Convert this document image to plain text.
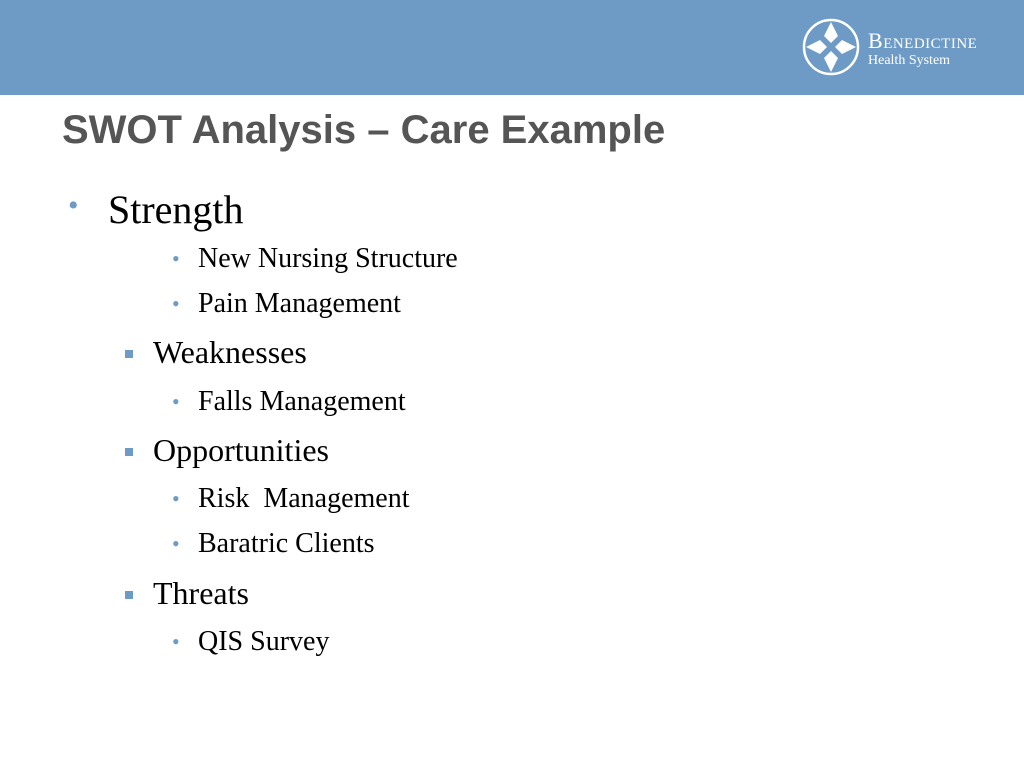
BENEDICTINE
Health System
SWOT Analysis – Care Example
• Strength
• New Nursing Structure
• Pain Management
Weaknesses
• Falls Management
Opportunities
• Risk  Management
• Baratric Clients
Threats
• QIS Survey
